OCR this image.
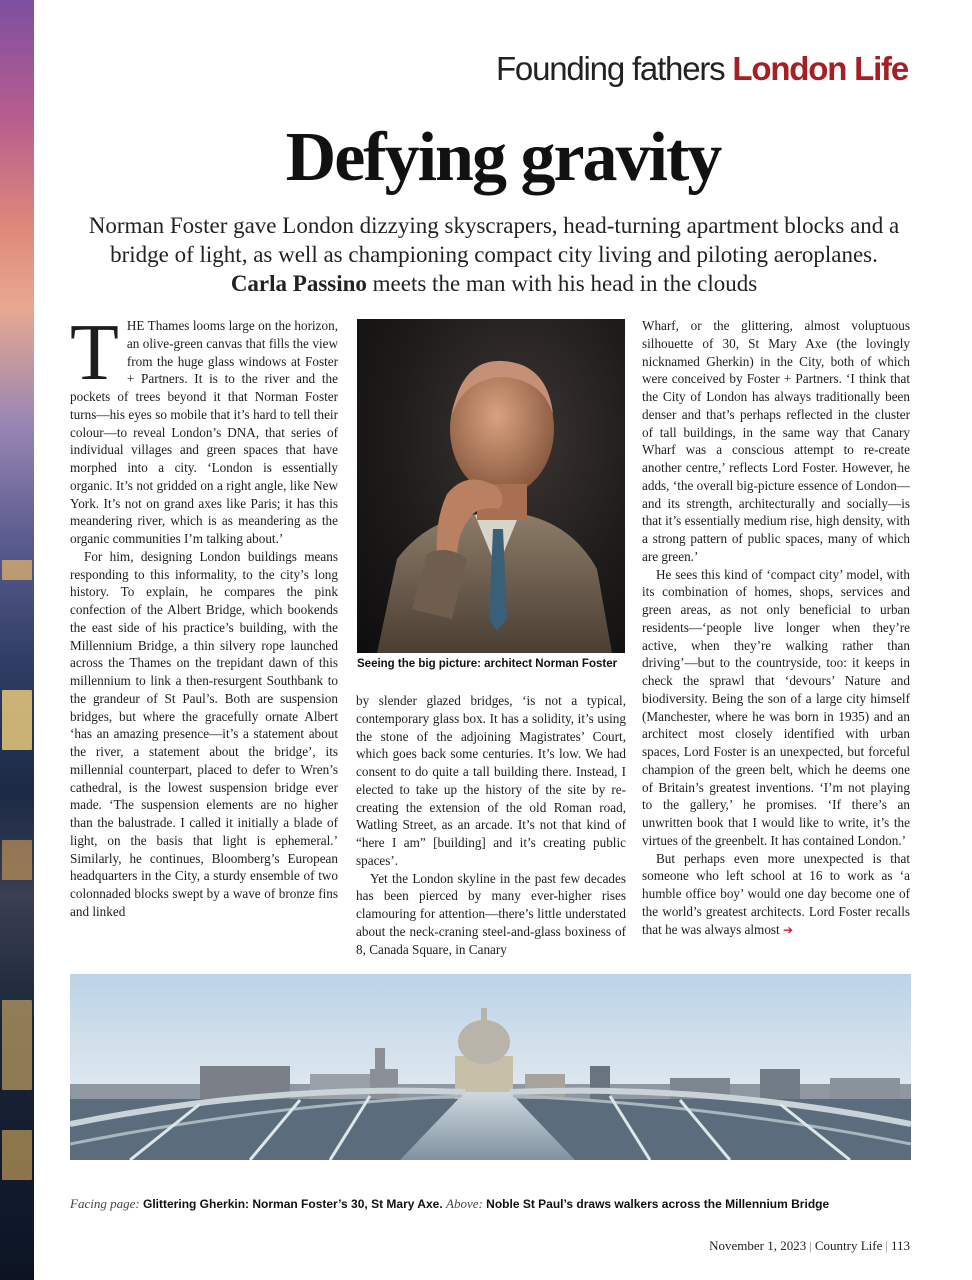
Founding fathers London Life
Defying gravity
Norman Foster gave London dizzying skyscrapers, head-turning apartment blocks and a bridge of light, as well as championing compact city living and piloting aeroplanes. Carla Passino meets the man with his head in the clouds

THE Thames looms large on the horizon, an olive-green canvas that fills the view from the huge glass windows at Foster + Partners. It is to the river and the pockets of trees beyond it that Norman Foster turns—his eyes so mobile that it’s hard to tell their colour—to reveal London’s DNA, that series of individual villages and green spaces that have morphed into a city. ‘London is essentially organic. It’s not gridded on a right angle, like New York. It’s not on grand axes like Paris; it has this meandering river, which is as meandering as the organic communities I’m talking about.’

For him, designing London buildings means responding to this informality, to the city’s long history. To explain, he compares the pink confection of the Albert Bridge, which bookends the east side of his practice’s building, with the Millennium Bridge, a thin silvery rope launched across the Thames on the trepidant dawn of this millennium to link a then-resurgent Southbank to the grandeur of St Paul’s. Both are suspension bridges, but where the gracefully ornate Albert ‘has an amazing presence—it’s a statement about the river, a statement about the bridge’, its millennial counterpart, placed to defer to Wren’s cathedral, is the lowest suspension bridge ever made. ‘The suspension elements are no higher than the balustrade. I called it initially a blade of light, on the basis that light is ephemeral.’ Similarly, he continues, Bloomberg’s European headquarters in the City, a sturdy ensemble of two colonnaded blocks swept by a wave of bronze fins and linked

Seeing the big picture: architect Norman Foster

by slender glazed bridges, ‘is not a typical, contemporary glass box. It has a solidity, it’s using the stone of the adjoining Magistrates’ Court, which goes back some centuries. It’s low. We had consent to do quite a tall building there. Instead, I elected to take up the history of the site by re-creating the extension of the old Roman road, Watling Street, as an arcade. It’s not that kind of “here I am” [building] and it’s creating public spaces’.

Yet the London skyline in the past few decades has been pierced by many ever-higher rises clamouring for attention—there’s little understated about the neck-craning steel-and-glass boxiness of 8, Canada Square, in Canary

Wharf, or the glittering, almost voluptuous silhouette of 30, St Mary Axe (the lovingly nicknamed Gherkin) in the City, both of which were conceived by Foster + Partners. ‘I think that the City of London has always traditionally been denser and that’s perhaps reflected in the cluster of tall buildings, in the same way that Canary Wharf was a conscious attempt to re-create another centre,’ reflects Lord Foster. However, he adds, ‘the overall big-picture essence of London—and its strength, architecturally and socially—is that it’s essentially medium rise, high density, with a strong pattern of public spaces, many of which are green.’

He sees this kind of ‘compact city’ model, with its combination of homes, shops, services and green areas, as not only beneficial to urban residents—‘people live longer when they’re active, when they’re walking rather than driving’—but to the countryside, too: it keeps in check the sprawl that ‘devours’ Nature and biodiversity. Being the son of a large city himself (Manchester, where he was born in 1935) and an architect most closely identified with urban spaces, Lord Foster is an unexpected, but forceful champion of the green belt, which he deems one of Britain’s greatest inventions. ‘I’m not playing to the gallery,’ he promises. ‘If there’s an unwritten book that I would like to write, it’s the virtues of the greenbelt. It has contained London.’

But perhaps even more unexpected is that someone who left school at 16 to work as ‘a humble office boy’ would one day become one of the world’s greatest architects. Lord Foster recalls that he was always almost ➔

Facing page: Glittering Gherkin: Norman Foster’s 30, St Mary Axe. Above: Noble St Paul’s draws walkers across the Millennium Bridge
November 1, 2023 | Country Life | 113
